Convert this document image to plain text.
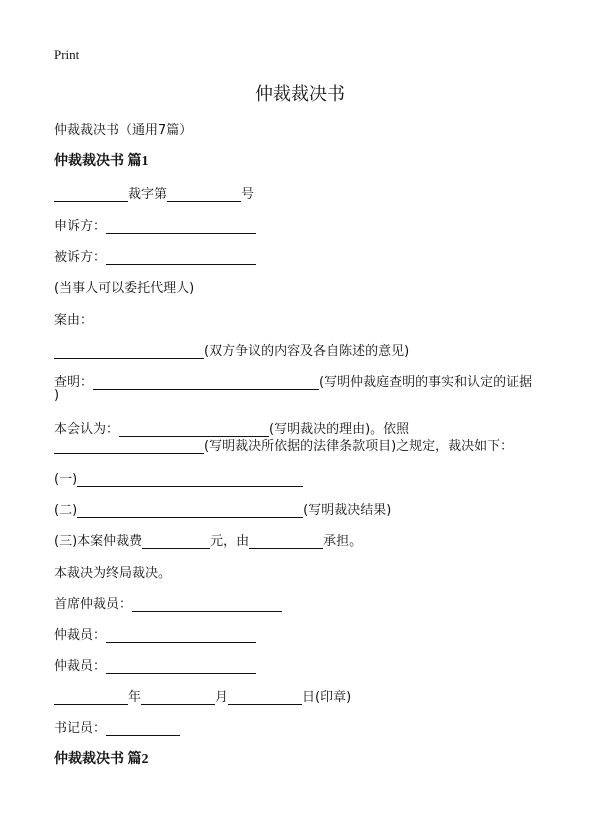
Print
仲裁裁决书
仲裁裁决书（通用7篇）
仲裁裁决书 篇1
裁字第	号
申诉方：
被诉方：
(当事人可以委托代理人)
案由：
(双方争议的内容及各自陈述的意见)
查明：	(写明仲裁庭查明的事实和认定的证据
)
本会认为：	(写明裁决的理由)。依照
(写明裁决所依据的法律条款项目)之规定，裁决如下：
(一)
(二)	(写明裁决结果)
(三)本案仲裁费	元，由	承担。
本裁决为终局裁决。
首席仲裁员：
仲裁员：
仲裁员：
年	月	日(印章)
书记员：
仲裁裁决书 篇2
